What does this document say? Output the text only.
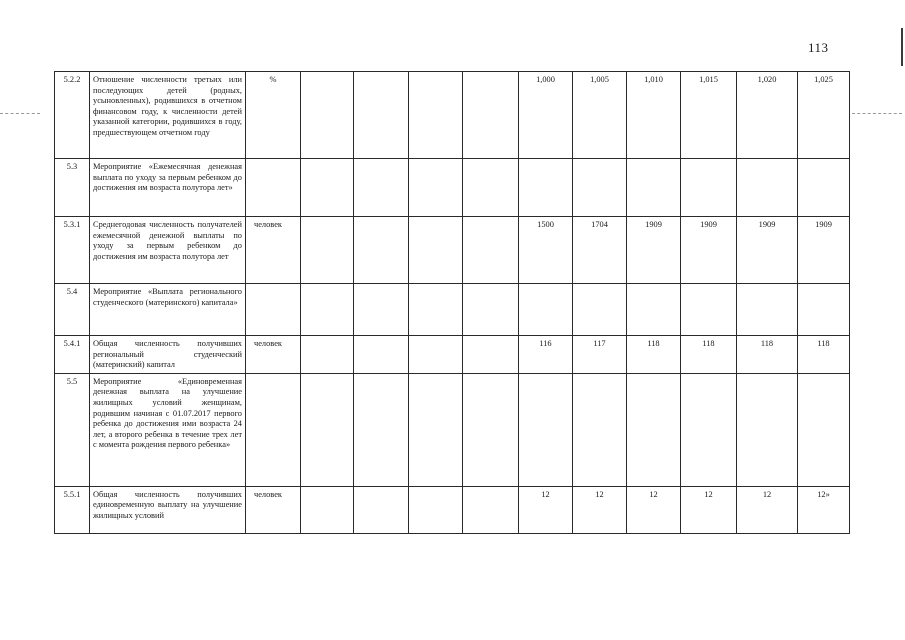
113
5.2.2	Отношение численности третьих или последующих детей (родных, усыновленных), родившихся в отчетном финансовом году, к численности детей указанной категории, родившихся в году, предшествующем отчетном году	%					1,000	1,005	1,010	1,015	1,020	1,025
5.3	Мероприятие «Ежемесячная денежная выплата по уходу за первым ребенком до достижения им возраста полутора лет»											
5.3.1	Среднегодовая численность получателей ежемесячной денежной выплаты по уходу за первым ребенком до достижения им возраста полутора лет	человек					1500	1704	1909	1909	1909	1909
5.4	Мероприятие «Выплата регионального студенческого (материнского) капитала»											
5.4.1	Общая численность получивших региональный студенческий (материнский) капитал	человек					116	117	118	118	118	118
5.5	Мероприятие «Единовременная денежная выплата на улучшение жилищных условий женщинам, родившим начиная с 01.07.2017 первого ребенка до достижения ими возраста 24 лет, а второго ребенка в течение трех лет с момента рождения первого ребенка»											
5.5.1	Общая численность получивших единовременную выплату на улучшение жилищных условий	человек					12	12	12	12	12	12»
